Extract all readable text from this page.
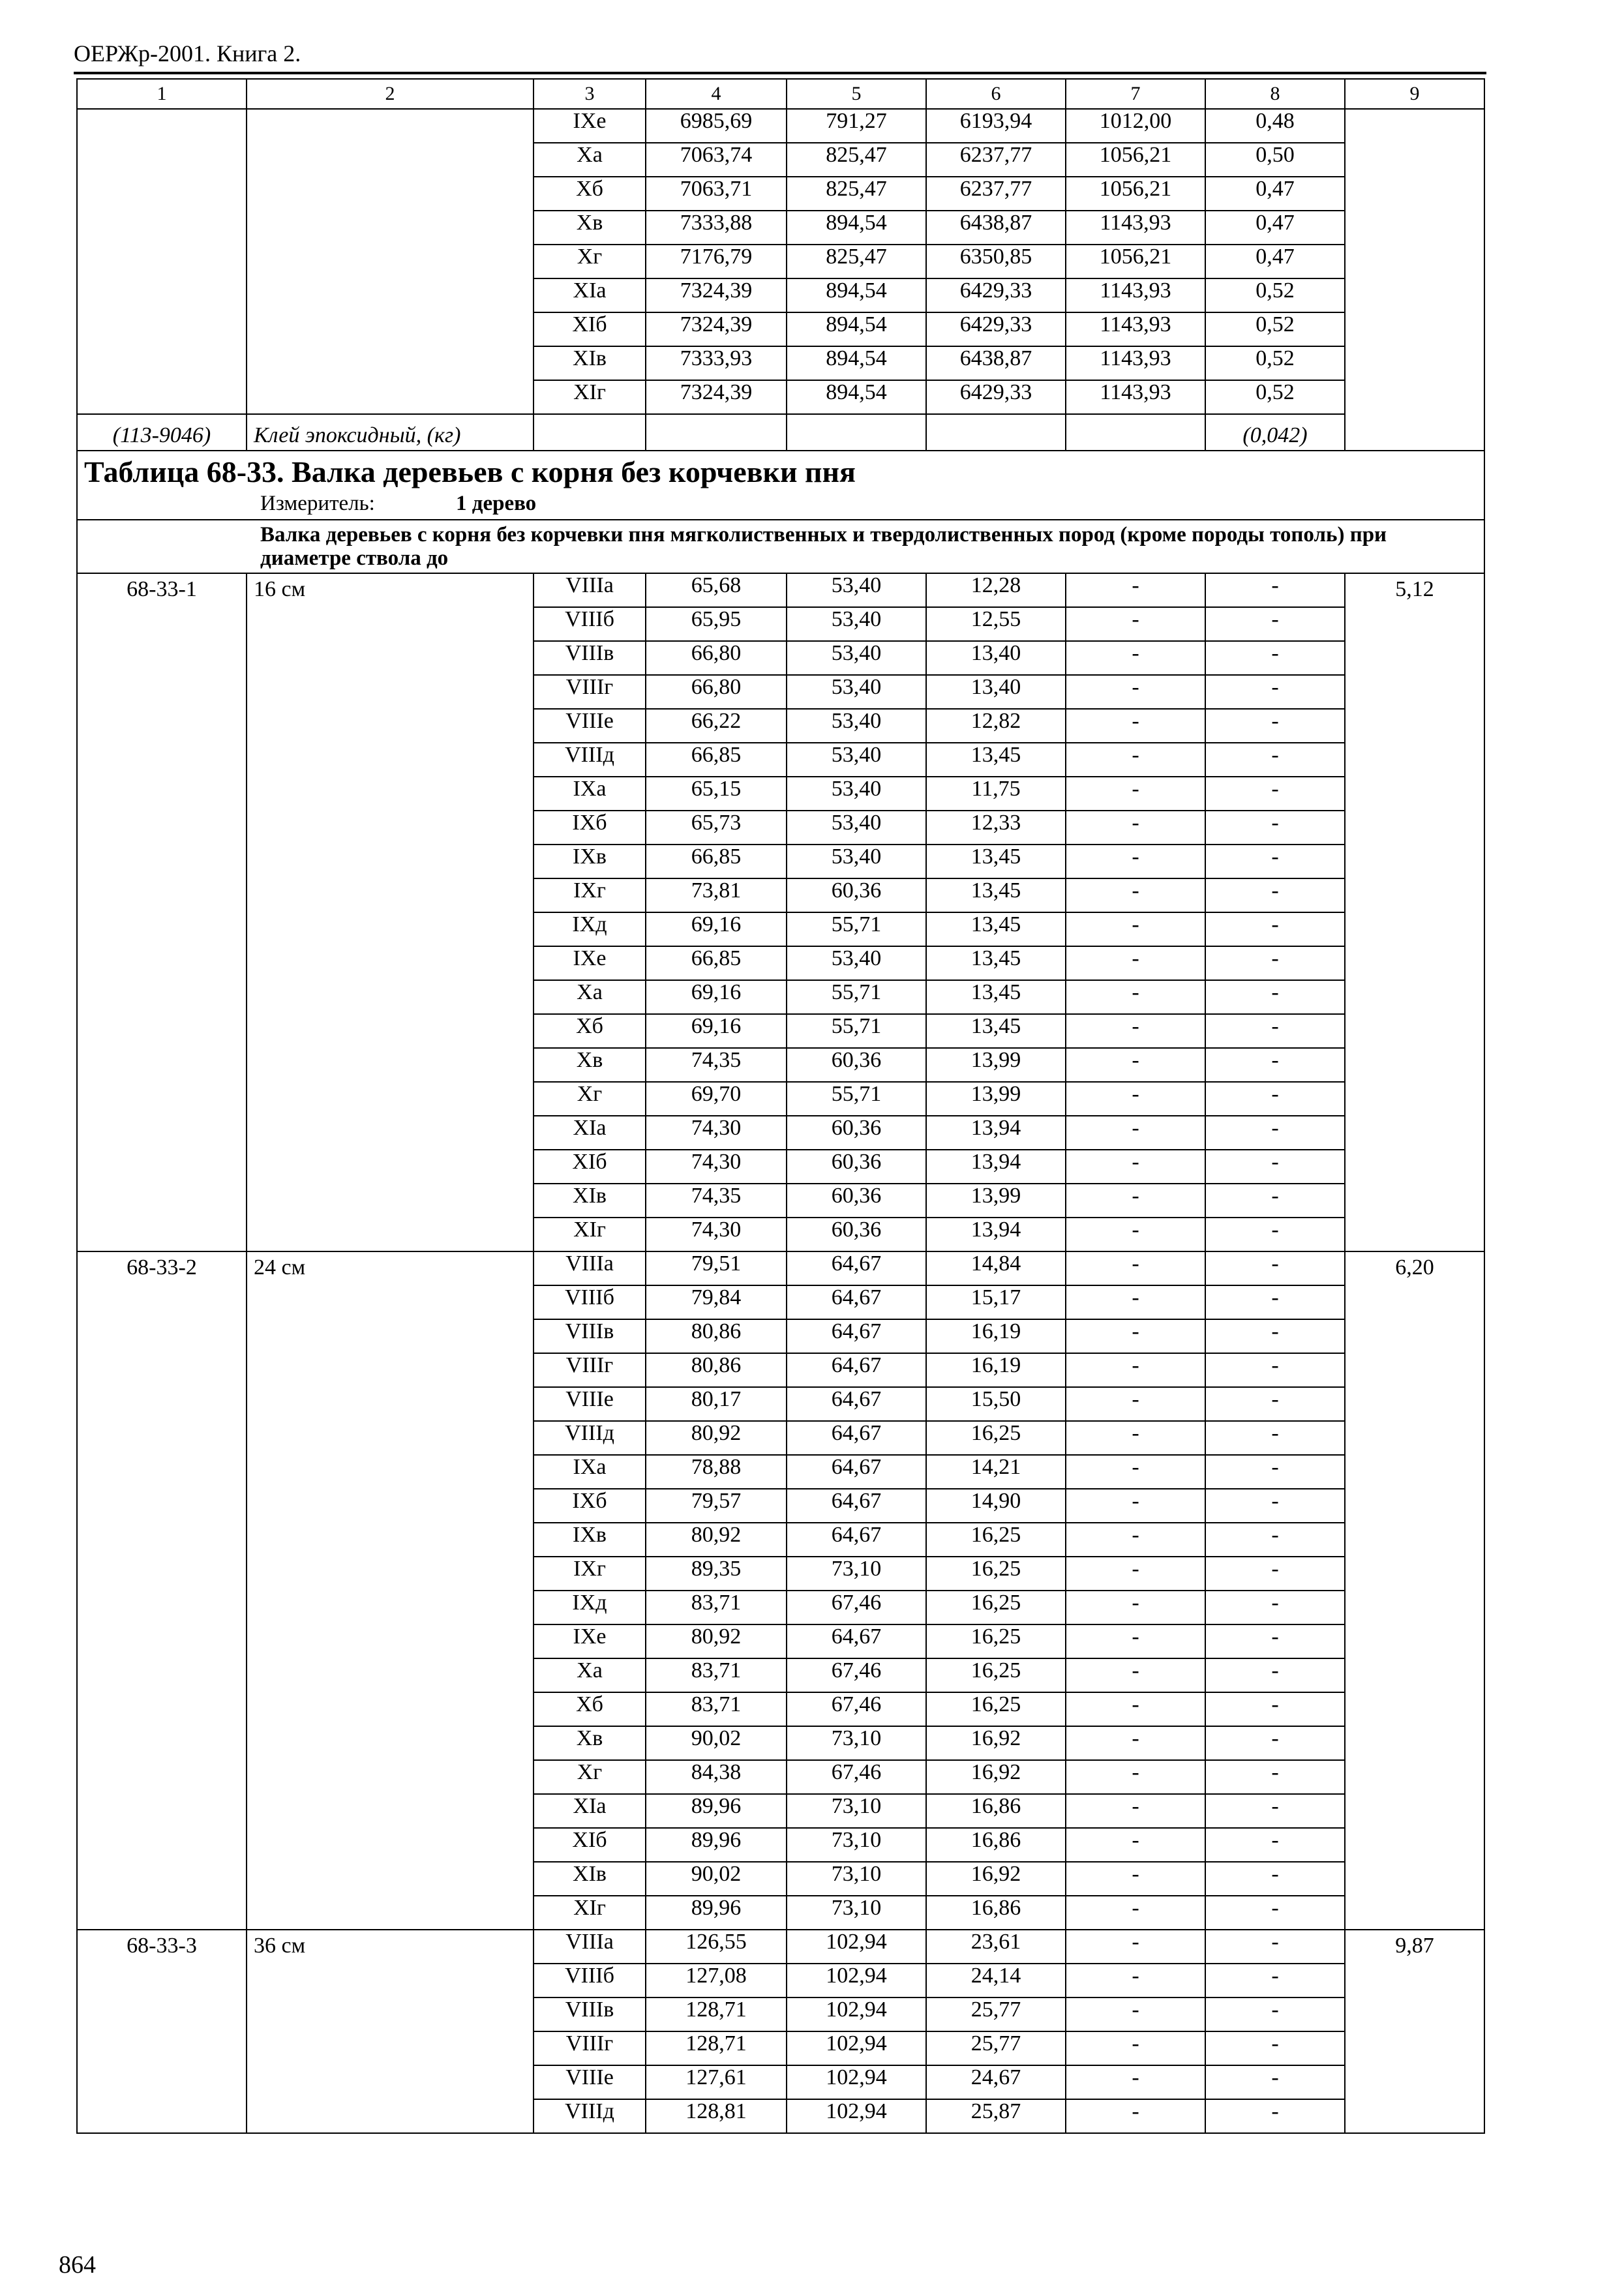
ОЕРЖр-2001. Книга 2.
1	2	3	4	5	6	7	8	9
		IXe	6985,69	791,27	6193,94	1012,00	0,48	
		Xa	7063,74	825,47	6237,77	1056,21	0,50	
		Xб	7063,71	825,47	6237,77	1056,21	0,47	
		Xв	7333,88	894,54	6438,87	1143,93	0,47	
		Xг	7176,79	825,47	6350,85	1056,21	0,47	
		XIa	7324,39	894,54	6429,33	1143,93	0,52	
		XIб	7324,39	894,54	6429,33	1143,93	0,52	
		XIв	7333,93	894,54	6438,87	1143,93	0,52	
		XIг	7324,39	894,54	6429,33	1143,93	0,52	
(113-9046)	Клей эпоксидный, (кг)						(0,042)	

Таблица 68-33. Валка деревьев с корня без корчевки пня
Измеритель: 1 дерево								

Валка деревьев с корня без корчевки пня мягколиственных и твердолиственных пород (кроме породы тополь) при диаметре ствола до								
68-33-1	16 см	VIIIa	65,68	53,40	12,28	-	-	5,12
		VIIIб	65,95	53,40	12,55	-	-	
		VIIIв	66,80	53,40	13,40	-	-	
		VIIIг	66,80	53,40	13,40	-	-	
		VIIIe	66,22	53,40	12,82	-	-	
		VIIIд	66,85	53,40	13,45	-	-	
		IXa	65,15	53,40	11,75	-	-	
		IXб	65,73	53,40	12,33	-	-	
		IXв	66,85	53,40	13,45	-	-	
		IXг	73,81	60,36	13,45	-	-	
		IXд	69,16	55,71	13,45	-	-	
		IXe	66,85	53,40	13,45	-	-	
		Xa	69,16	55,71	13,45	-	-	
		Xб	69,16	55,71	13,45	-	-	
		Xв	74,35	60,36	13,99	-	-	
		Xг	69,70	55,71	13,99	-	-	
		XIa	74,30	60,36	13,94	-	-	
		XIб	74,30	60,36	13,94	-	-	
		XIв	74,35	60,36	13,99	-	-	
		XIг	74,30	60,36	13,94	-	-	
68-33-2	24 см	VIIIa	79,51	64,67	14,84	-	-	6,20
		VIIIб	79,84	64,67	15,17	-	-	
		VIIIв	80,86	64,67	16,19	-	-	
		VIIIг	80,86	64,67	16,19	-	-	
		VIIIe	80,17	64,67	15,50	-	-	
		VIIIд	80,92	64,67	16,25	-	-	
		IXa	78,88	64,67	14,21	-	-	
		IXб	79,57	64,67	14,90	-	-	
		IXв	80,92	64,67	16,25	-	-	
		IXг	89,35	73,10	16,25	-	-	
		IXд	83,71	67,46	16,25	-	-	
		IXe	80,92	64,67	16,25	-	-	
		Xa	83,71	67,46	16,25	-	-	
		Xб	83,71	67,46	16,25	-	-	
		Xв	90,02	73,10	16,92	-	-	
		Xг	84,38	67,46	16,92	-	-	
		XIa	89,96	73,10	16,86	-	-	
		XIб	89,96	73,10	16,86	-	-	
		XIв	90,02	73,10	16,92	-	-	
		XIг	89,96	73,10	16,86	-	-	
68-33-3	36 см	VIIIa	126,55	102,94	23,61	-	-	9,87
		VIIIб	127,08	102,94	24,14	-	-	
		VIIIв	128,71	102,94	25,77	-	-	
		VIIIг	128,71	102,94	25,77	-	-	
		VIIIe	127,61	102,94	24,67	-	-	
		VIIIд	128,81	102,94	25,87	-	-	
864
